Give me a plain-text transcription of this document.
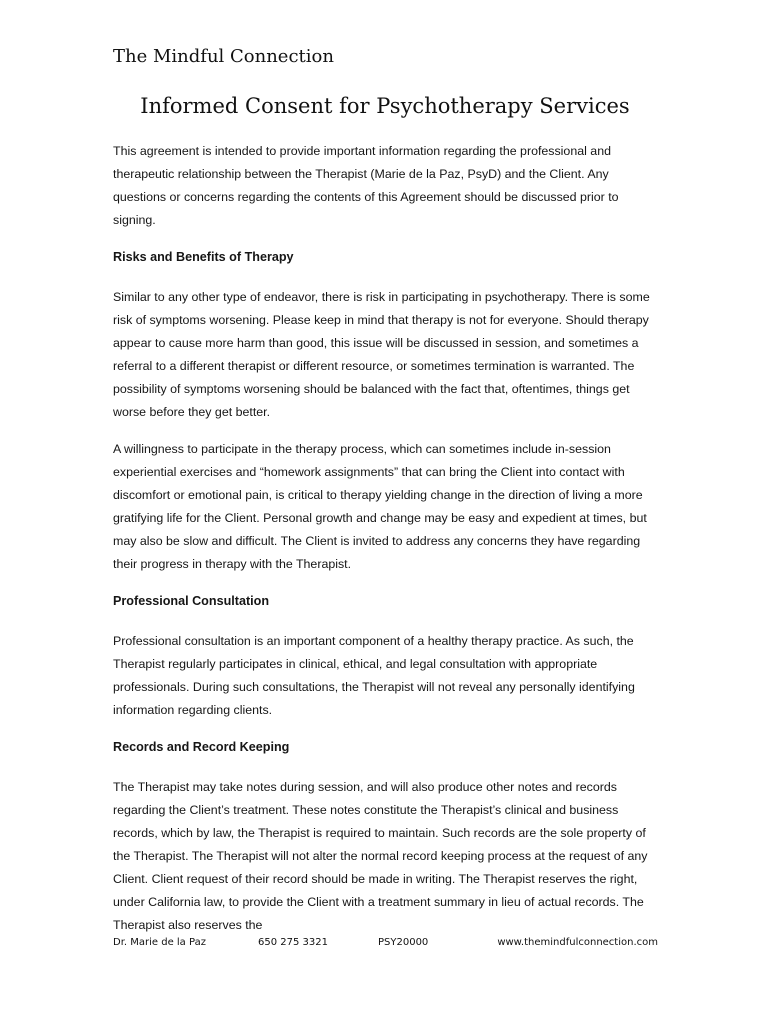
The Mindful Connection
Informed Consent for Psychotherapy Services

This agreement is intended to provide important information regarding the professional and therapeutic relationship between the Therapist (Marie de la Paz, PsyD) and the Client. Any questions or concerns regarding the contents of this Agreement should be discussed prior to signing.

Risks and Benefits of Therapy

Similar to any other type of endeavor, there is risk in participating in psychotherapy. There is some risk of symptoms worsening. Please keep in mind that therapy is not for everyone. Should therapy appear to cause more harm than good, this issue will be discussed in session, and sometimes a referral to a different therapist or different resource, or sometimes termination is warranted. The possibility of symptoms worsening should be balanced with the fact that, oftentimes, things get worse before they get better.

A willingness to participate in the therapy process, which can sometimes include in-session experiential exercises and “homework assignments” that can bring the Client into contact with discomfort or emotional pain, is critical to therapy yielding change in the direction of living a more gratifying life for the Client. Personal growth and change may be easy and expedient at times, but may also be slow and difficult. The Client is invited to address any concerns they have regarding their progress in therapy with the Therapist.

Professional Consultation

Professional consultation is an important component of a healthy therapy practice. As such, the Therapist regularly participates in clinical, ethical, and legal consultation with appropriate professionals. During such consultations, the Therapist will not reveal any personally identifying information regarding clients.

Records and Record Keeping

The Therapist may take notes during session, and will also produce other notes and records regarding the Client’s treatment. These notes constitute the Therapist’s clinical and business records, which by law, the Therapist is required to maintain. Such records are the sole property of the Therapist. The Therapist will not alter the normal record keeping process at the request of any Client. Client request of their record should be made in writing. The Therapist reserves the right, under California law, to provide the Client with a treatment summary in lieu of actual records. The Therapist also reserves the

Dr. Marie de la Paz	650 275 3321	PSY20000	www.themindfulconnection.com
